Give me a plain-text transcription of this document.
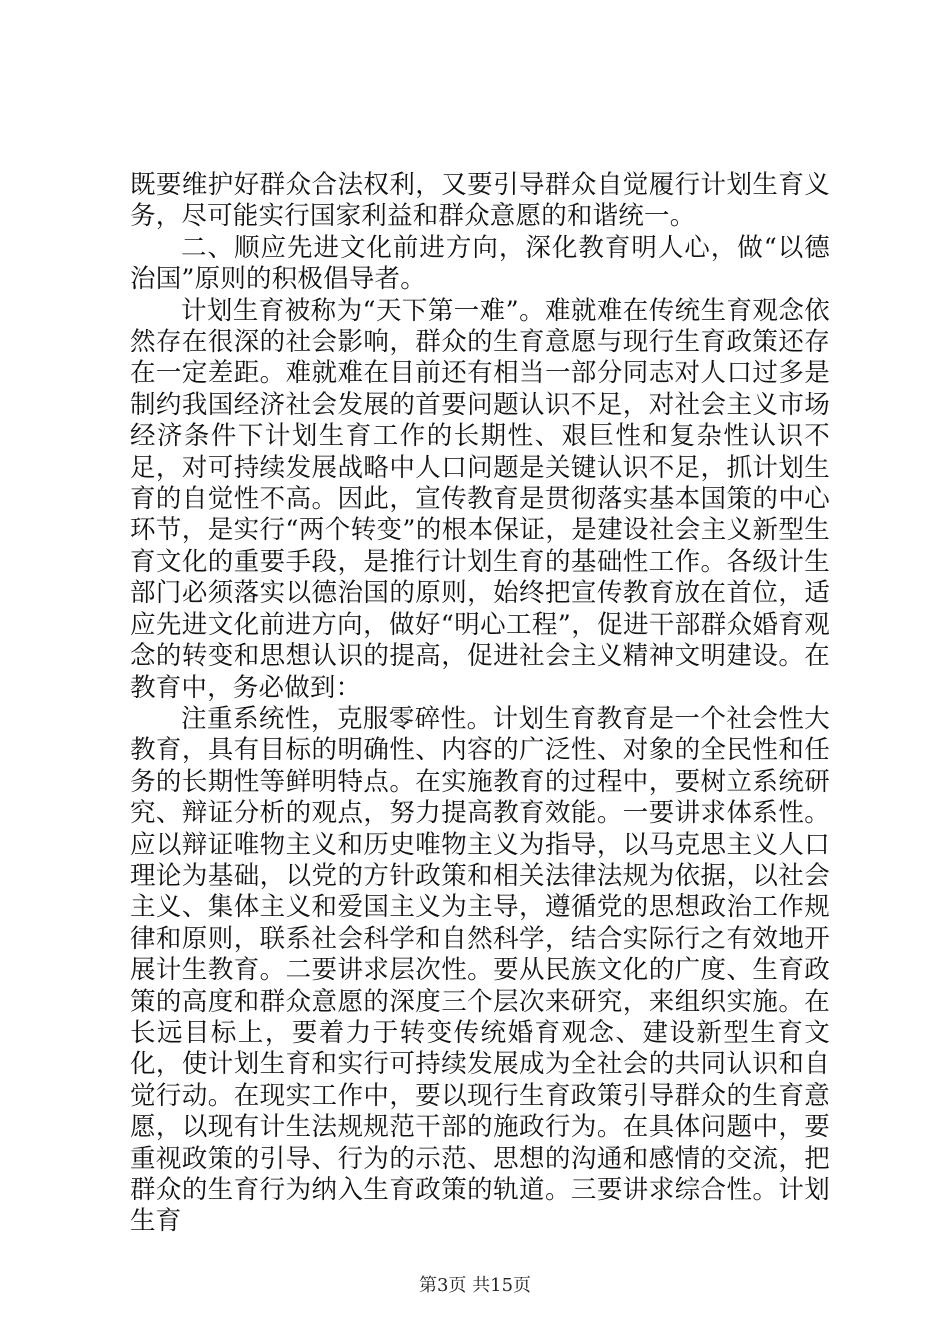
既要维护好群众合法权利，又要引导群众自觉履行计划生育义务，尽可能实行国家利益和群众意愿的和谐统一。

二、顺应先进文化前进方向，深化教育明人心，做“以德治国”原则的积极倡导者。

计划生育被称为“天下第一难”。难就难在传统生育观念依然存在很深的社会影响，群众的生育意愿与现行生育政策还存在一定差距。难就难在目前还有相当一部分同志对人口过多是制约我国经济社会发展的首要问题认识不足，对社会主义市场经济条件下计划生育工作的长期性、艰巨性和复杂性认识不足，对可持续发展战略中人口问题是关键认识不足，抓计划生育的自觉性不高。因此，宣传教育是贯彻落实基本国策的中心环节，是实行“两个转变”的根本保证，是建设社会主义新型生育文化的重要手段，是推行计划生育的基础性工作。各级计生部门必须落实以德治国的原则，始终把宣传教育放在首位，适应先进文化前进方向，做好“明心工程”，促进干部群众婚育观念的转变和思想认识的提高，促进社会主义精神文明建设。在教育中，务必做到：

注重系统性，克服零碎性。计划生育教育是一个社会性大教育，具有目标的明确性、内容的广泛性、对象的全民性和任务的长期性等鲜明特点。在实施教育的过程中，要树立系统研究、辩证分析的观点，努力提高教育效能。一要讲求体系性。应以辩证唯物主义和历史唯物主义为指导，以马克思主义人口理论为基础，以党的方针政策和相关法律法规为依据，以社会主义、集体主义和爱国主义为主导，遵循党的思想政治工作规律和原则，联系社会科学和自然科学，结合实际行之有效地开展计生教育。二要讲求层次性。要从民族文化的广度、生育政策的高度和群众意愿的深度三个层次来研究，来组织实施。在长远目标上，要着力于转变传统婚育观念、建设新型生育文化，使计划生育和实行可持续发展成为全社会的共同认识和自觉行动。在现实工作中，要以现行生育政策引导群众的生育意愿，以现有计生法规规范干部的施政行为。在具体问题中，要重视政策的引导、行为的示范、思想的沟通和感情的交流，把群众的生育行为纳入生育政策的轨道。三要讲求综合性。计划生育

第3页 共15页
